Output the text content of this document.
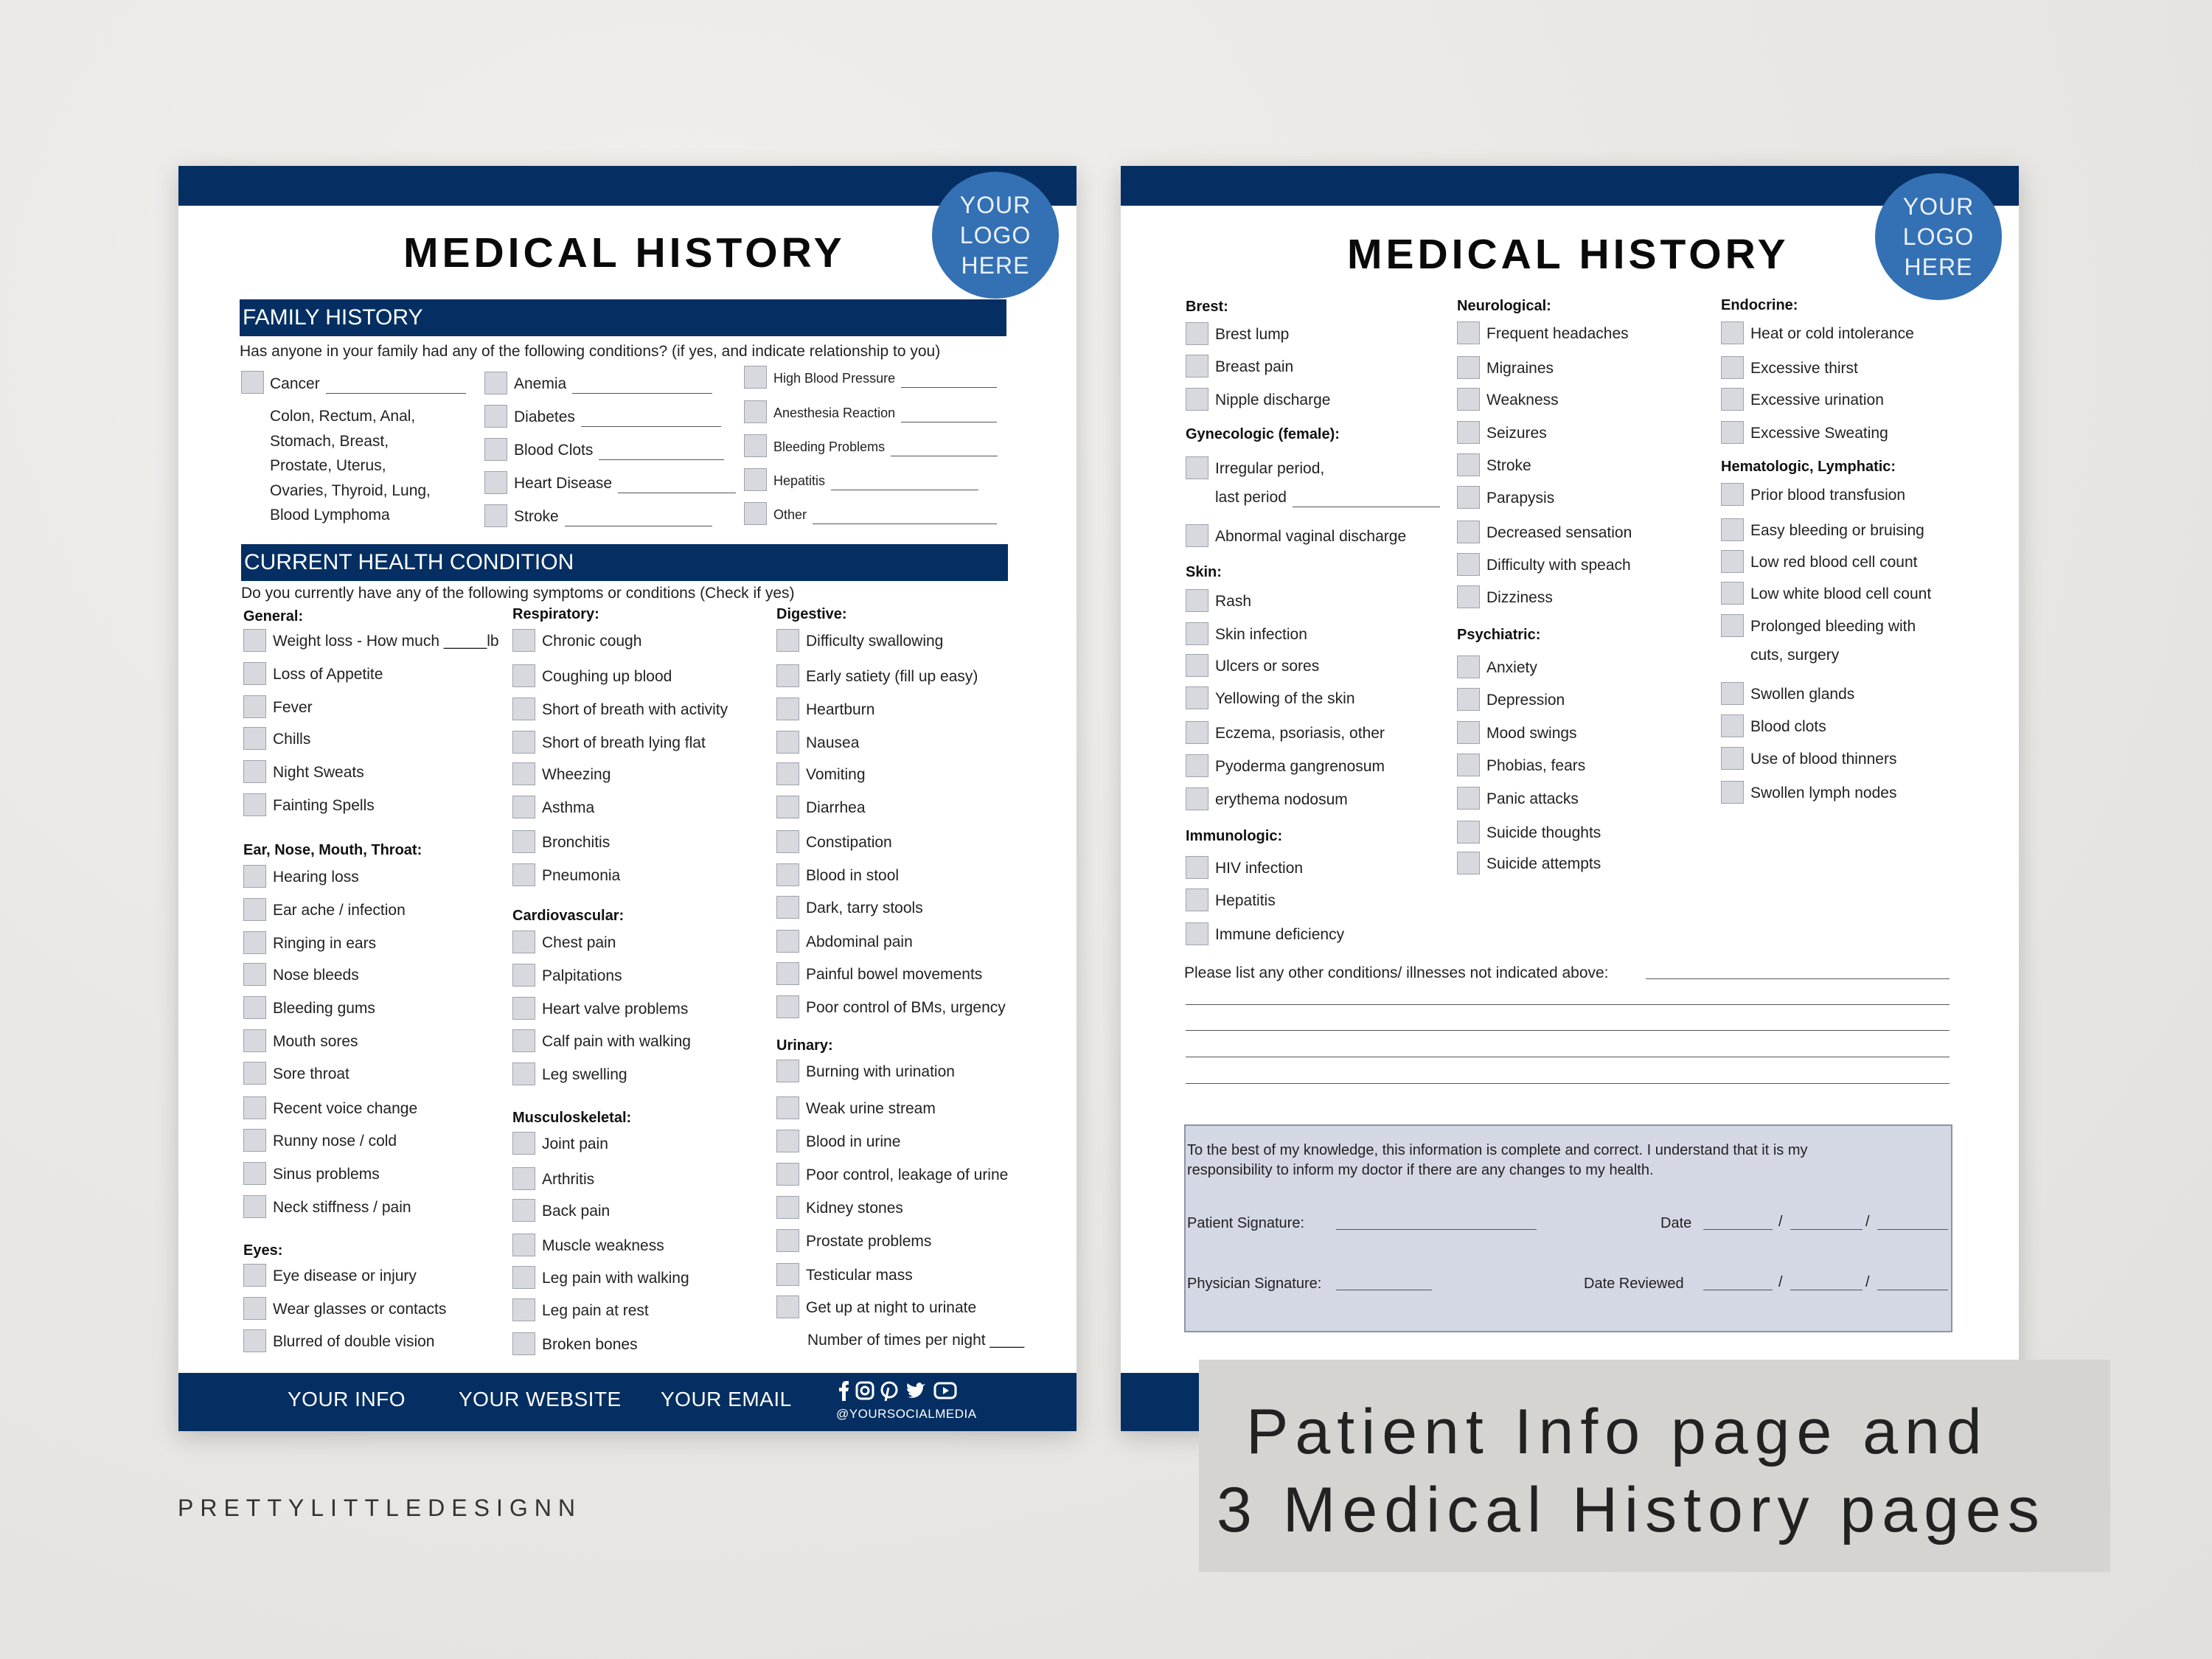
YOUR
LOGO
HERE
MEDICAL HISTORY
FAMILY HISTORY
Has anyone in your family had any of the following conditions? (if yes, and indicate relationship to you)
Cancer
Colon, Rectum, Anal,
Stomach, Breast,
Prostate, Uterus,
Ovaries, Thyroid, Lung,
Blood Lymphoma
Anemia
Diabetes
Blood Clots
Heart Disease
Stroke
High Blood Pressure
Anesthesia Reaction
Bleeding Problems
Hepatitis
Other
CURRENT HEALTH CONDITION
Do you currently have any of the following symptoms or conditions (Check if yes)
General:
Weight loss - How much _____lb
Loss of Appetite
Fever
Chills
Night Sweats
Fainting Spells
Ear, Nose, Mouth, Throat:
Hearing loss
Ear ache / infection
Ringing in ears
Nose bleeds
Bleeding gums
Mouth sores
Sore throat
Recent voice change
Runny nose / cold
Sinus problems
Neck stiffness / pain
Eyes:
Eye disease or injury
Wear glasses or contacts
Blurred of double vision
Respiratory:
Chronic cough
Coughing up blood
Short of breath with activity
Short of breath lying flat
Wheezing
Asthma
Bronchitis
Pneumonia
Cardiovascular:
Chest pain
Palpitations
Heart valve problems
Calf pain with walking
Leg swelling
Musculoskeletal:
Joint pain
Arthritis
Back pain
Muscle weakness
Leg pain with walking
Leg pain at rest
Broken bones
Digestive:
Difficulty swallowing
Early satiety (fill up easy)
Heartburn
Nausea
Vomiting
Diarrhea
Constipation
Blood in stool
Dark, tarry stools
Abdominal pain
Painful bowel movements
Poor control of BMs, urgency
Urinary:
Burning with urination
Weak urine stream
Blood in urine
Poor control, leakage of urine
Kidney stones
Prostate problems
Testicular mass
Get up at night to urinate
Number of times per night ____
YOUR INFO	YOUR WEBSITE YOUR EMAIL
@YOURSOCIALMEDIA
YOUR
LOGO
HERE
MEDICAL HISTORY
Brest:
Brest lump
Breast pain
Nipple discharge
Gynecologic (female):
Irregular period,
last period
Abnormal vaginal discharge
Skin:
Rash
Skin infection
Ulcers or sores
Yellowing of the skin
Eczema, psoriasis, other
Pyoderma gangrenosum
erythema nodosum
Immunologic:
HIV infection
Hepatitis
Immune deficiency
Neurological:
Frequent headaches
Migraines
Weakness
Seizures
Stroke
Parapysis
Decreased sensation
Difficulty with speach
Dizziness
Psychiatric:
Anxiety
Depression
Mood swings
Phobias, fears
Panic attacks
Suicide thoughts
Suicide attempts
Endocrine:
Heat or cold intolerance
Excessive thirst
Excessive urination
Excessive Sweating
Hematologic, Lymphatic:
Prior blood transfusion
Easy bleeding or bruising
Low red blood cell count
Low white blood cell count
Prolonged bleeding with
cuts, surgery
Swollen glands
Blood clots
Use of blood thinners
Swollen lymph nodes
Please list any other conditions/ illnesses not indicated above:
To the best of my knowledge, this information is complete and correct. I understand that it is my
responsibility to inform my doctor if there are any changes to my health.
Patient Signature:	Date	/	/
Physician Signature:	Date Reviewed	/	/
Patient Info page and
3 Medical History pages
PRETTYLITTLEDESIGNN
